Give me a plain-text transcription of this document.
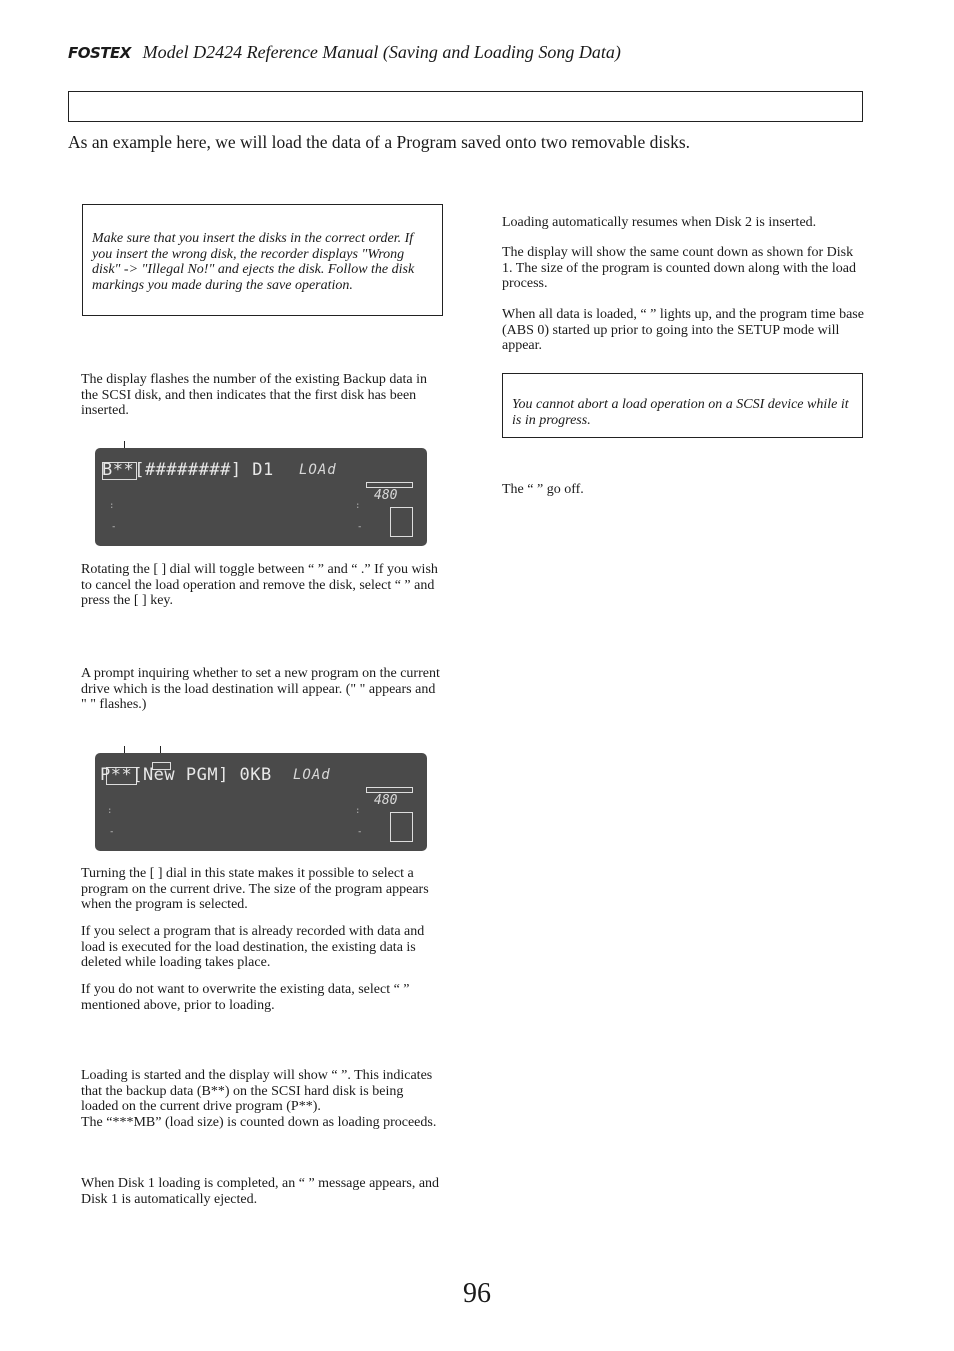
FOSTEX Model D2424 Reference Manual (Saving and Loading Song Data)
As an example here, we will load the data of a Program saved onto two removable disks.
Make sure that you insert the disks in the correct order. If you insert the wrong disk, the recorder displays "Wrong disk" -> "Illegal No!" and ejects the disk. Follow the disk markings you made during the save operation.
The display flashes the number of the existing Backup data in the SCSI disk, and then indicates that the first disk has been inserted.
B**[########] D1 LOAd
480
:
-
:
-
Rotating the [ ] dial will toggle between “ ” and “ .” If you wish to cancel the load operation and remove the disk, select “ ” and press the [ ] key.
A prompt inquiring whether to set a new program on the current drive which is the load destination will appear. (" " appears and " " flashes.)
P**[New PGM] 0KB LOAd
480
:
-
:
-
Turning the [ ] dial in this state makes it possible to select a program on the current drive. The size of the program appears when the program is selected.
If you select a program that is already recorded with data and load is executed for the load destination, the existing data is deleted while loading takes place.
If you do not want to overwrite the existing data, select “ ” mentioned above, prior to loading.
Loading is started and the display will show “ ”. This indicates that the backup data (B**) on the SCSI hard disk is being loaded on the current drive program (P**).
The “***MB” (load size) is counted down as loading proceeds.
When Disk 1 loading is completed, an “ ” message appears, and Disk 1 is automatically ejected.
Loading automatically resumes when Disk 2 is inserted.
The display will show the same count down as shown for Disk 1. The size of the program is counted down along with the load process.
When all data is loaded, “ ” lights up, and the program time base (ABS 0) started up prior to going into the SETUP mode will appear.
You cannot abort a load operation on a SCSI device while it is in progress.
The “ ” go off.
96
